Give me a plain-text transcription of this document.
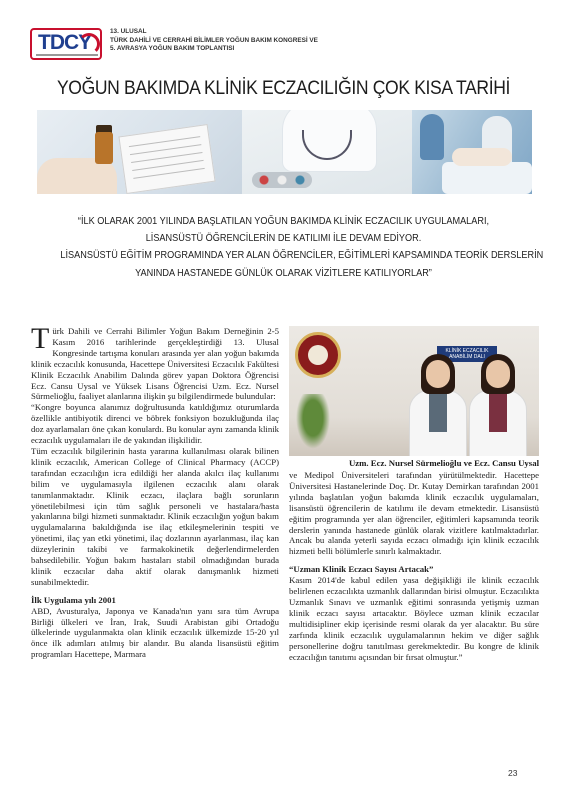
TDCY	13. ULUSAL
TÜRK DAHİLİ VE CERRAHİ BİLİMLER YOĞUN BAKIM KONGRESİ VE
5. AVRASYA YOĞUN BAKIM TOPLANTISI
YOĞUN BAKIMDA KLİNİK ECZACILIĞIN ÇOK KISA TARİHİ
“İLK OLARAK 2001 YILINDA BAŞLATILAN YOĞUN BAKIMDA KLİNİK ECZACILIK UYGULAMALARI,
LİSANSÜSTÜ ÖĞRENCİLERİN DE KATILIMI İLE DEVAM EDİYOR.
LİSANSÜSTÜ EĞİTİM PROGRAMINDA YER ALAN ÖĞRENCİLER, EĞİTİMLERİ KAPSAMINDA TEORİK DERSLERİN
YANINDA HASTANEDE GÜNLÜK OLARAK VİZİTLERE KATILIYORLAR”

Türk Dahili ve Cerrahi Bilimler Yoğun Bakım Derneğinin 2-5 Kasım 2016 tarihlerinde gerçekleştirdiği 13. Ulusal Kongresinde tartışma konuları arasında yer alan yoğun bakımda klinik eczacılık konusunda, Hacettepe Üniversitesi Eczacılık Fakültesi Klinik Eczacılık Anabilim Dalında görev yapan Doktora Öğrencisi Ecz. Cansu Uysal ve Yüksek Lisans Öğrencisi Uzm. Ecz. Nursel Sürmelioğlu, faaliyet alanlarına ilişkin şu bilgilendirmede bulundular:

“Kongre boyunca alanımız doğrultusunda katıldığımız oturumlarda özellikle antibiyotik direnci ve böbrek fonksiyon bozukluğunda ilaç doz ayarlamaları öne çıkan konulardı. Bu konular aynı zamanda klinik eczacılık uygulamaları ile de yakından ilişkilidir.

Tüm eczacılık bilgilerinin hasta yararına kullanılması olarak bilinen klinik eczacılık, American College of Clinical Pharmacy (ACCP) tarafından eczacılığın icra edildiği her alanda akılcı ilaç kullanımı bilim ve uygulamasıyla ilgilenen eczacılık alanı olarak tanımlanmaktadır. Klinik eczacı, ilaçlara bağlı sorunların yönetilebilmesi için tüm sağlık personeli ve hastalara/hasta yakınlarına bilgi hizmeti sunmaktadır. Klinik eczacılığın yoğun bakım uygulamalarına bakıldığında ise ilaç etkileşmelerinin tespiti ve yönetimi, ilaç yan etki yönetimi, ilaç dozlarının ayarlanması, ilaç kan düzeylerinin takibi ve farmakokinetik değerlendirmelerden bahsedilebilir. Yoğun bakım hastaları stabil olmadığından burada klinik eczacılar daha aktif olarak danışmanlık hizmeti sunabilmektedir.

İlk Uygulama yılı 2001

ABD, Avusturalya, Japonya ve Kanada'nın yanı sıra tüm Avrupa Birliği ülkeleri ve İran, Irak, Suudi Arabistan gibi Ortadoğu ülkelerinde uygulanmakta olan klinik eczacılık ülkemizde 15-20 yıl önce ilk adımları atılmış bir alandır. Bu alanda lisansüstü eğitim programları Hacettepe, Marmara

KLİNİK ECZACILIK ANABİLİM DALI
Uzm. Ecz. Nursel Sürmelioğlu ve Ecz. Cansu Uysal

ve Medipol Üniversiteleri tarafından yürütülmektedir. Hacettepe Üniversitesi Hastanelerinde Doç. Dr. Kutay Demirkan tarafından 2001 yılında başlatılan yoğun bakımda klinik eczacılık uygulamaları, lisansüstü öğrencilerin de katılımı ile devam etmektedir. Lisansüstü eğitim programında yer alan öğrenciler, eğitimleri kapsamında teorik derslerin yanında hastanede günlük olarak vizitlere katılmaktadırlar. Ancak bu alanda yeterli sayıda eczacı olmadığı için klinik eczacılık hizmeti belli bölümlerle sınırlı kalmaktadır.

“Uzman Klinik Eczacı Sayısı Artacak”

Kasım 2014'de kabul edilen yasa değişikliği ile klinik eczacılık belirlenen eczacılıkta uzmanlık dallarından birisi olmuştur. Eczacılıkta Uzmanlık Sınavı ve uzmanlık eğitimi sonrasında yetişmiş uzman klinik eczacı sayısı artacaktır. Böylece uzman klinik eczacılar multidisipliner ekip içerisinde resmi olarak da yer alacaktır. Bu süre zarfında klinik eczacılık uygulamalarının hekim ve diğer sağlık personellerine doğru tanıtılması gerekmektedir. Bu kongre de klinik eczacılığın tanıtımı açısından bir fırsat olmuştur.”

23
